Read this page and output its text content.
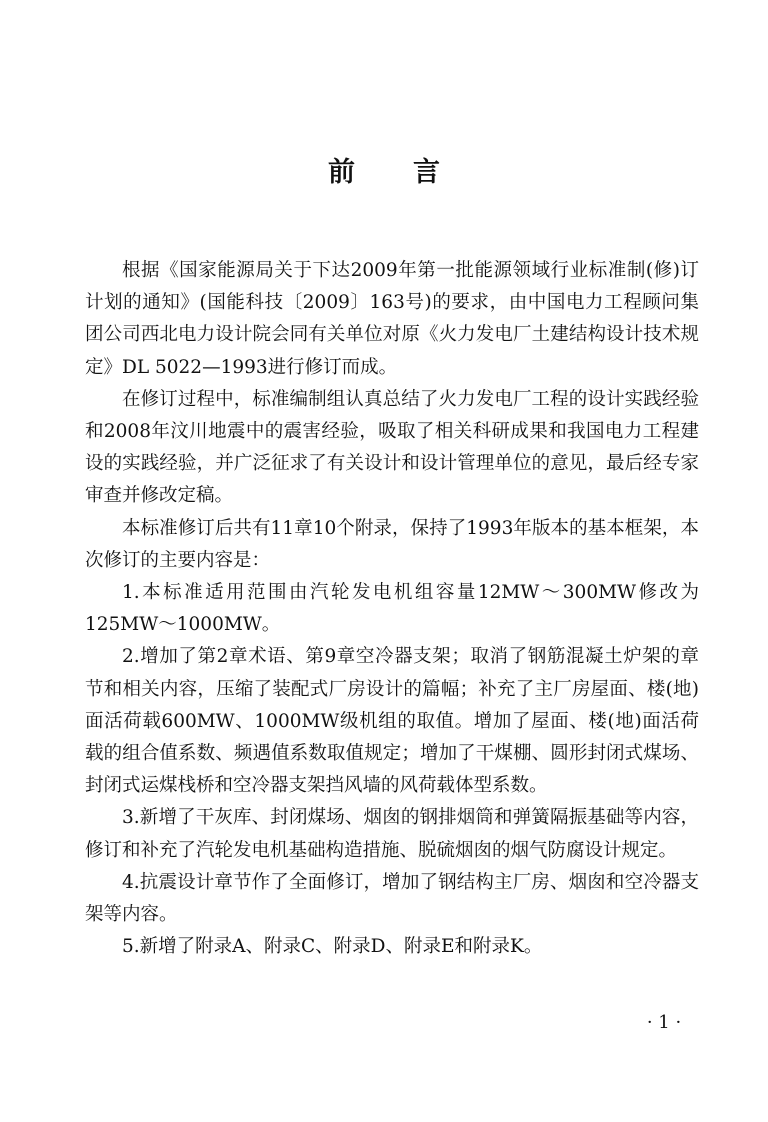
前 言

根据《国家能源局关于下达2009年第一批能源领域行业标准制(修)订计划的通知》(国能科技〔2009〕163号)的要求，由中国电力工程顾问集团公司西北电力设计院会同有关单位对原《火力发电厂土建结构设计技术规定》DL 5022—1993进行修订而成。

在修订过程中，标准编制组认真总结了火力发电厂工程的设计实践经验和2008年汶川地震中的震害经验，吸取了相关科研成果和我国电力工程建设的实践经验，并广泛征求了有关设计和设计管理单位的意见，最后经专家审查并修改定稿。

本标准修订后共有11章10个附录，保持了1993年版本的基本框架，本次修订的主要内容是：

1.本标准适用范围由汽轮发电机组容量12MW～300MW修改为125MW～1000MW。

2.增加了第2章术语、第9章空冷器支架；取消了钢筋混凝土炉架的章节和相关内容，压缩了装配式厂房设计的篇幅；补充了主厂房屋面、楼(地)面活荷载600MW、1000MW级机组的取值。增加了屋面、楼(地)面活荷载的组合值系数、频遇值系数取值规定；增加了干煤棚、圆形封闭式煤场、封闭式运煤栈桥和空冷器支架挡风墙的风荷载体型系数。

3.新增了干灰库、封闭煤场、烟囱的钢排烟筒和弹簧隔振基础等内容，修订和补充了汽轮发电机基础构造措施、脱硫烟囱的烟气防腐设计规定。

4.抗震设计章节作了全面修订，增加了钢结构主厂房、烟囱和空冷器支架等内容。

5.新增了附录A、附录C、附录D、附录E和附录K。

· 1 ·
